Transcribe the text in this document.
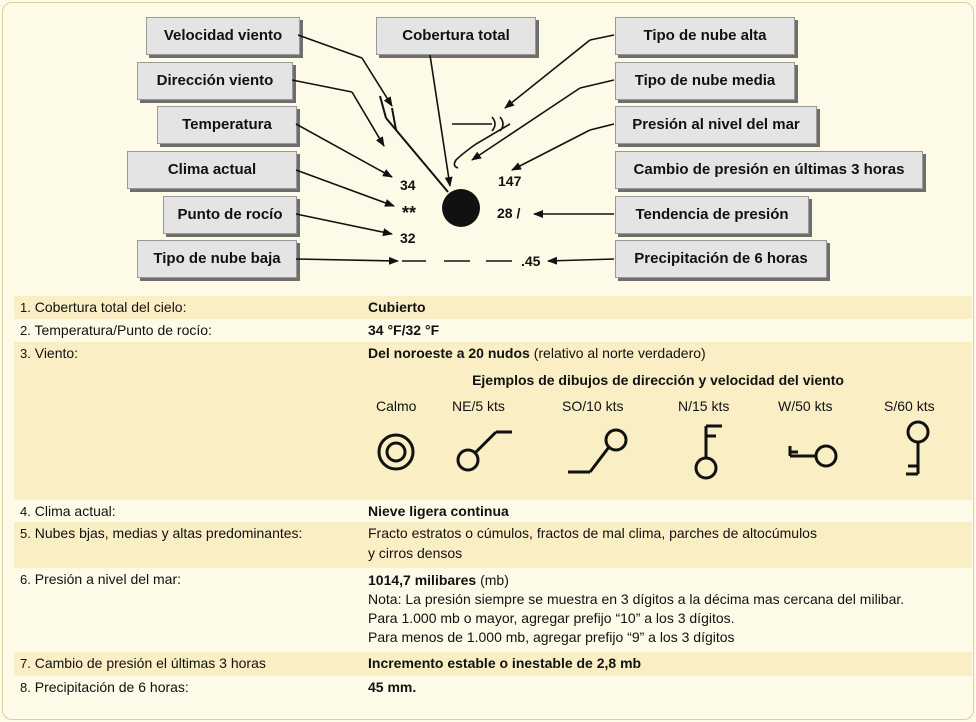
Velocidad viento	Cobertura total	Tipo de nube alta
Dirección viento	Tipo de nube media
Temperatura	Presión al nivel del mar
Clima actual	Cambio de presión en últimas 3 horas
Punto de rocío	Tendencia de presión
Tipo de nube baja	Precipitación de 6 horas
34
**
32
147
28 /
.45
1. Cobertura total del cielo:	Cubierto
2. Temperatura/Punto de rocío:	34 °F/32 °F
3. Viento:	Del noroeste a 20 nudos (relativo al norte verdadero)
4. Clima actual:	Nieve ligera continua
5. Nubes bjas, medias y altas predominantes:	Fracto estratos o cúmulos, fractos de mal clima, parches de altocúmulos
y cirros densos
6. Presión a nivel del mar:	1014,7 milibares (mb)
Nota: La presión siempre se muestra en 3 dígitos a la décima mas cercana del milibar.
Para 1.000 mb o mayor, agregar prefijo “10” a los 3 dígitos.
Para menos de 1.000 mb, agregar prefijo “9” a los 3 dígitos
7. Cambio de presión el últimas 3 horas	Incremento estable o inestable de 2,8 mb
8. Precipitación de 6 horas:	45 mm.
Ejemplos de dibujos de dirección y velocidad del viento
Calmo	NE/5 kts	SO/10 kts	N/15 kts	W/50 kts	S/60 kts
